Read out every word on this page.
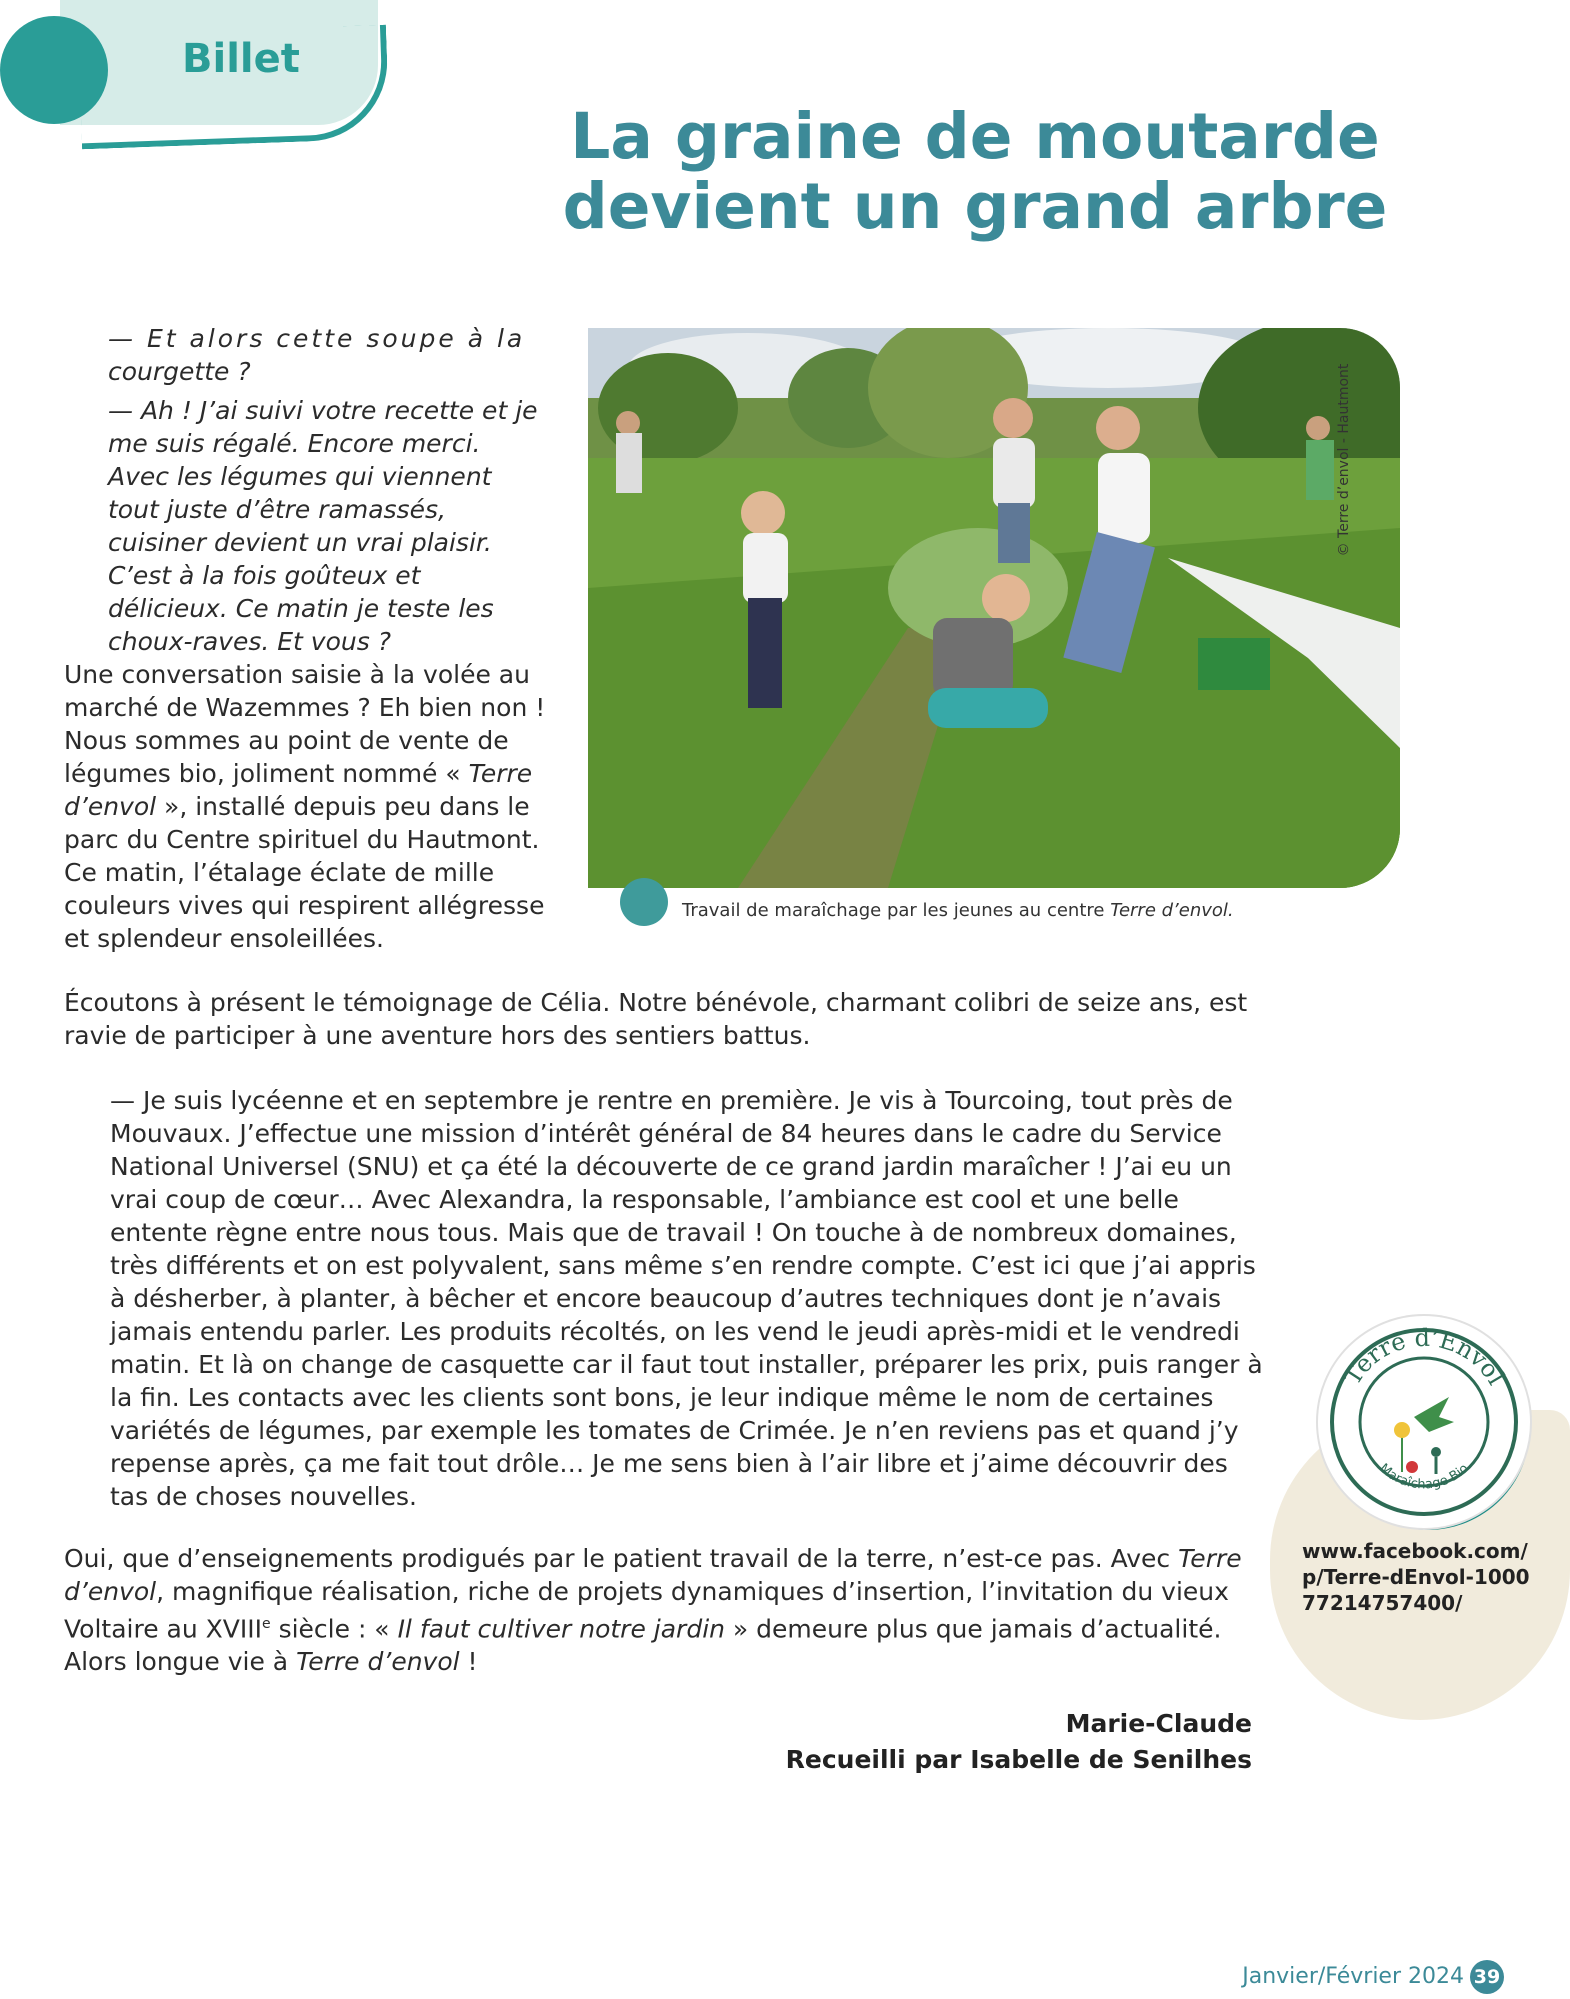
Billet
La graine de moutarde
devient un grand arbre

— Et alors cette soupe à la
courgette ?

— Ah ! J’ai suivi votre recette et je me suis régalé. Encore merci. Avec les légumes qui viennent tout juste d’être ramassés, cuisiner devient un vrai plaisir. C’est à la fois goûteux et délicieux. Ce matin je teste les choux-raves. Et vous ?

Une conversation saisie à la volée au marché de Wazemmes ? Eh bien non ! Nous sommes au point de vente de légumes bio, joliment nommé « Terre d’envol », installé depuis peu dans le parc du Centre spirituel du Hautmont. Ce matin, l’étalage éclate de mille couleurs vives qui respirent allégresse et splendeur ensoleillées.

© Terre d’envol - Hautmont
Travail de maraîchage par les jeunes au centre Terre d’envol.

Écoutons à présent le témoignage de Célia. Notre bénévole, charmant colibri de seize ans, est ravie de participer à une aventure hors des sentiers battus.

— Je suis lycéenne et en septembre je rentre en première. Je vis à Tourcoing, tout près de Mouvaux. J’effectue une mission d’intérêt général de 84 heures dans le cadre du Service National Universel (SNU) et ça été la découverte de ce grand jardin maraîcher ! J’ai eu un vrai coup de cœur… Avec Alexandra, la responsable, l’ambiance est cool et une belle entente règne entre nous tous. Mais que de travail ! On touche à de nombreux domaines, très différents et on est polyvalent, sans même s’en rendre compte. C’est ici que j’ai appris à désherber, à planter, à bêcher et encore beaucoup d’autres techniques dont je n’avais jamais entendu parler. Les produits récoltés, on les vend le jeudi après-midi et le vendredi matin. Et là on change de casquette car il faut tout installer, préparer les prix, puis ranger à la fin. Les contacts avec les clients sont bons, je leur indique même le nom de certaines variétés de légumes, par exemple les tomates de Crimée. Je n’en reviens pas et quand j’y repense après, ça me fait tout drôle… Je me sens bien à l’air libre et j’aime découvrir des tas de choses nouvelles.

Oui, que d’enseignements prodigués par le patient travail de la terre, n’est-ce pas. Avec Terre d’envol, magnifique réalisation, riche de projets dynamiques d’insertion, l’invitation du vieux Voltaire au XVIIIe siècle : « Il faut cultiver notre jardin » demeure plus que jamais d’actualité. Alors longue vie à Terre d’envol !

Terre d’Envol
Maraîchage Bio
www.facebook.com/p/Terre-dEnvol-100077214757400/
Marie-Claude
Recueilli par Isabelle de Senilhes
Janvier/Février 2024 39
